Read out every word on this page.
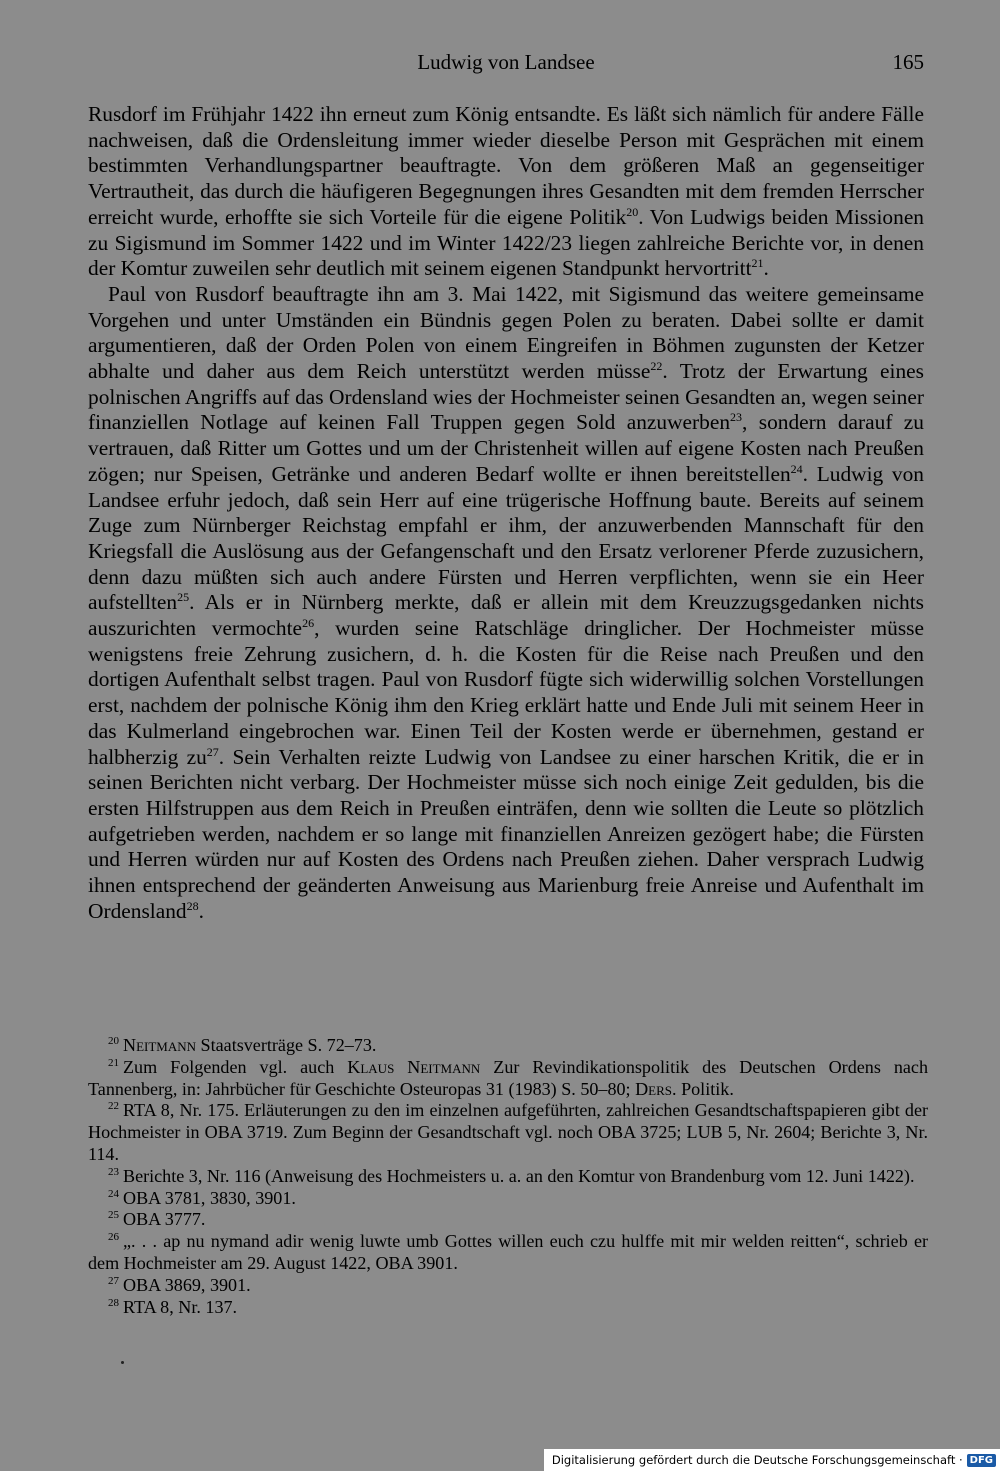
Ludwig von Landsee	165

Rusdorf im Frühjahr 1422 ihn erneut zum König entsandte. Es läßt sich nämlich für andere Fälle nachweisen, daß die Ordensleitung immer wieder dieselbe Person mit Gesprächen mit einem bestimmten Verhandlungspartner beauftragte. Von dem größeren Maß an gegenseitiger Vertrautheit, das durch die häufigeren Begegnungen ihres Gesandten mit dem fremden Herrscher erreicht wurde, erhoffte sie sich Vorteile für die eigene Politik$^{20}$. Von Ludwigs beiden Missionen zu Sigismund im Sommer 1422 und im Winter 1422/23 liegen zahlreiche Berichte vor, in denen der Komtur zuweilen sehr deutlich mit seinem eigenen Standpunkt hervortritt$^{21}$.

Paul von Rusdorf beauftragte ihn am 3. Mai 1422, mit Sigismund das weitere gemeinsame Vorgehen und unter Umständen ein Bündnis gegen Polen zu beraten. Dabei sollte er damit argumentieren, daß der Orden Polen von einem Eingreifen in Böhmen zugunsten der Ketzer abhalte und daher aus dem Reich unterstützt werden müsse$^{22}$. Trotz der Erwartung eines polnischen Angriffs auf das Ordensland wies der Hochmeister seinen Gesandten an, wegen seiner finanziellen Notlage auf keinen Fall Truppen gegen Sold anzuwerben$^{23}$, sondern darauf zu vertrauen, daß Ritter um Gottes und um der Christenheit willen auf eigene Kosten nach Preußen zögen; nur Speisen, Getränke und anderen Bedarf wollte er ihnen bereitstellen$^{24}$. Ludwig von Landsee erfuhr jedoch, daß sein Herr auf eine trügerische Hoffnung baute. Bereits auf seinem Zuge zum Nürnberger Reichstag empfahl er ihm, der anzuwerbenden Mannschaft für den Kriegsfall die Auslösung aus der Gefangenschaft und den Ersatz verlorener Pferde zuzusichern, denn dazu müßten sich auch andere Fürsten und Herren verpflichten, wenn sie ein Heer aufstellten$^{25}$. Als er in Nürnberg merkte, daß er allein mit dem Kreuzzugsgedanken nichts auszurichten vermochte$^{26}$, wurden seine Ratschläge dringlicher. Der Hochmeister müsse wenigstens freie Zehrung zusichern, d. h. die Kosten für die Reise nach Preußen und den dortigen Aufenthalt selbst tragen. Paul von Rusdorf fügte sich widerwillig solchen Vorstellungen erst, nachdem der polnische König ihm den Krieg erklärt hatte und Ende Juli mit seinem Heer in das Kulmerland eingebrochen war. Einen Teil der Kosten werde er übernehmen, gestand er halbherzig zu$^{27}$. Sein Verhalten reizte Ludwig von Landsee zu einer harschen Kritik, die er in seinen Berichten nicht verbarg. Der Hochmeister müsse sich noch einige Zeit gedulden, bis die ersten Hilfstruppen aus dem Reich in Preußen einträfen, denn wie sollten die Leute so plötzlich aufgetrieben werden, nachdem er so lange mit finanziellen Anreizen gezögert habe; die Fürsten und Herren würden nur auf Kosten des Ordens nach Preußen ziehen. Daher versprach Ludwig ihnen entsprechend der geänderten Anweisung aus Marienburg freie Anreise und Aufenthalt im Ordensland$^{28}$.

$^{20}$ Neitmann Staatsverträge S. 72–73.

$^{21}$ Zum Folgenden vgl. auch Klaus Neitmann Zur Revindikationspolitik des Deutschen Ordens nach Tannenberg, in: Jahrbücher für Geschichte Osteuropas 31 (1983) S. 50–80; Ders. Politik.

$^{22}$ RTA 8, Nr. 175. Erläuterungen zu den im einzelnen aufgeführten, zahlreichen Gesandtschaftspapieren gibt der Hochmeister in OBA 3719. Zum Beginn der Gesandtschaft vgl. noch OBA 3725; LUB 5, Nr. 2604; Berichte 3, Nr. 114.

$^{23}$ Berichte 3, Nr. 116 (Anweisung des Hochmeisters u. a. an den Komtur von Brandenburg vom 12. Juni 1422).

$^{24}$ OBA 3781, 3830, 3901.

$^{25}$ OBA 3777.

$^{26}$ „. . . ap nu nymand adir wenig luwte umb Gottes willen euch czu hulffe mit mir welden reitten“, schrieb er dem Hochmeister am 29. August 1422, OBA 3901.

$^{27}$ OBA 3869, 3901.

$^{28}$ RTA 8, Nr. 137.

Digitalisierung gefördert durch die Deutsche Forschungsgemeinschaft · DFG
